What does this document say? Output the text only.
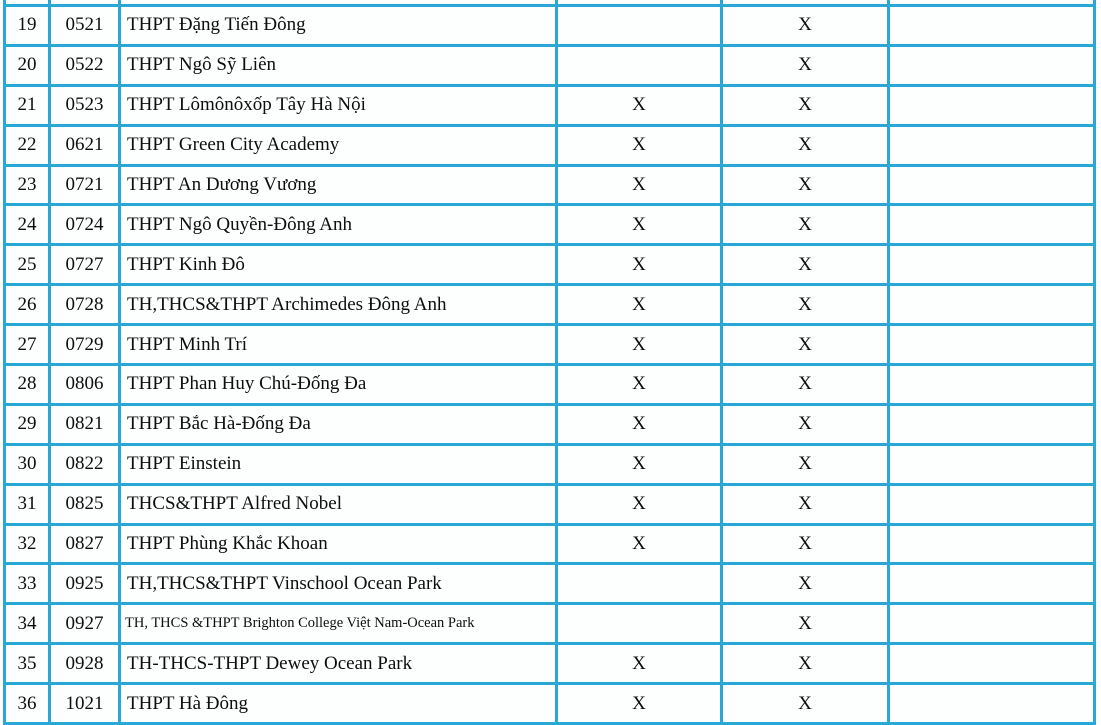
19	0521	THPT Đặng Tiến Đông		X	
20	0522	THPT Ngô Sỹ Liên		X	
21	0523	THPT Lômônôxốp Tây Hà Nội	X	X	
22	0621	THPT Green City Academy	X	X	
23	0721	THPT An Dương Vương	X	X	
24	0724	THPT Ngô Quyền-Đông Anh	X	X	
25	0727	THPT Kinh Đô	X	X	
26	0728	TH,THCS&THPT Archimedes Đông Anh	X	X	
27	0729	THPT Minh Trí	X	X	
28	0806	THPT Phan Huy Chú-Đống Đa	X	X	
29	0821	THPT Bắc Hà-Đống Đa	X	X	
30	0822	THPT Einstein	X	X	
31	0825	THCS&THPT Alfred Nobel	X	X	
32	0827	THPT Phùng Khắc Khoan	X	X	
33	0925	TH,THCS&THPT Vinschool Ocean Park		X	
34	0927	TH, THCS &THPT Brighton College Việt Nam-Ocean Park		X	
35	0928	TH-THCS-THPT Dewey Ocean Park	X	X	
36	1021	THPT Hà Đông	X	X	
